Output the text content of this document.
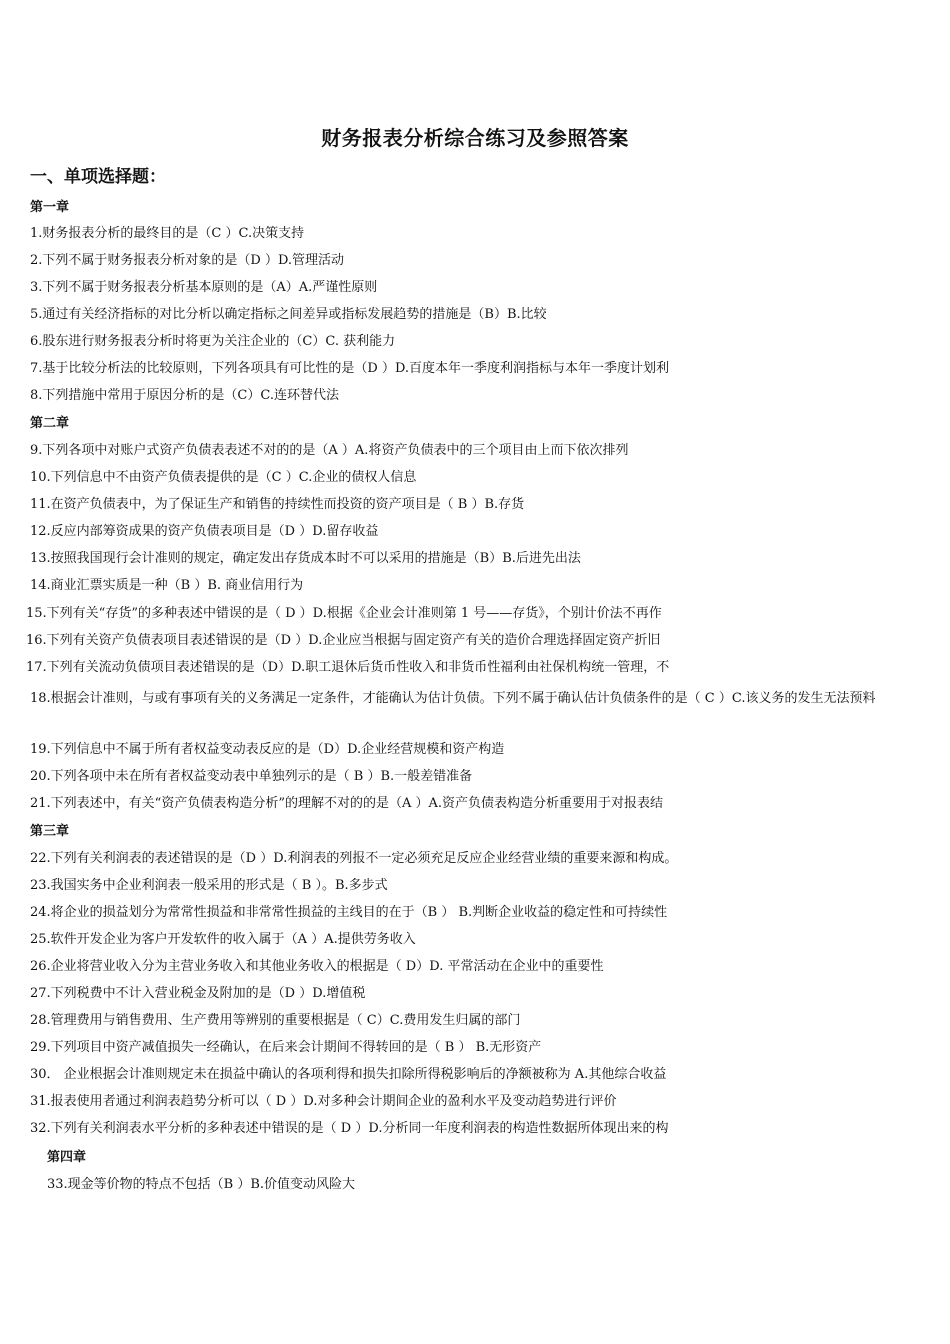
财务报表分析综合练习及参照答案
一、单项选择题：
第一章
1.财务报表分析的最终目的是（C ）C.决策支持
2.下列不属于财务报表分析对象的是（D ）D.管理活动
3.下列不属于财务报表分析基本原则的是（A）A.严谨性原则
5.通过有关经济指标的对比分析以确定指标之间差异或指标发展趋势的措施是（B）B.比较
6.股东进行财务报表分析时将更为关注企业的（C）C. 获利能力
7.基于比较分析法的比较原则，下列各项具有可比性的是（D ）D.百度本年一季度利润指标与本年一季度计划利
8.下列措施中常用于原因分析的是（C）C.连环替代法
第二章
9.下列各项中对账户式资产负债表表述不对的的是（A ）A.将资产负债表中的三个项目由上而下依次排列
10.下列信息中不由资产负债表提供的是（C ）C.企业的债权人信息
11.在资产负债表中，为了保证生产和销售的持续性而投资的资产项目是（ B ）B.存货
12.反应内部筹资成果的资产负债表项目是（D ）D.留存收益
13.按照我国现行会计准则的规定，确定发出存货成本时不可以采用的措施是（B）B.后进先出法
14.商业汇票实质是一种（B ）B. 商业信用行为
15.下列有关“存货”的多种表述中错误的是（ D ）D.根据《企业会计准则第 1 号——存货》，个别计价法不再作
16.下列有关资产负债表项目表述错误的是（D ）D.企业应当根据与固定资产有关的造价合理选择固定资产折旧
17.下列有关流动负债项目表述错误的是（D）D.职工退休后货币性收入和非货币性福利由社保机构统一管理，不
18.根据会计准则，与或有事项有关的义务满足一定条件，才能确认为估计负债。下列不属于确认估计负债条件的是（ C ）C.该义务的发生无法预料
19.下列信息中不属于所有者权益变动表反应的是（D）D.企业经营规模和资产构造
20.下列各项中未在所有者权益变动表中单独列示的是（ B ）B.一般差错准备
21.下列表述中，有关“资产负债表构造分析”的理解不对的的是（A ）A.资产负债表构造分析重要用于对报表结
第三章
22.下列有关利润表的表述错误的是（D ）D.利润表的列报不一定必须充足反应企业经营业绩的重要来源和构成。
23.我国实务中企业利润表一般采用的形式是（ B ）。B.多步式
24.将企业的损益划分为常常性损益和非常常性损益的主线目的在于（B ） B.判断企业收益的稳定性和可持续性
25.软件开发企业为客户开发软件的收入属于（A ）A.提供劳务收入
26.企业将营业收入分为主营业务收入和其他业务收入的根据是（ D）D. 平常活动在企业中的重要性
27.下列税费中不计入营业税金及附加的是（D ）D.增值税
28.管理费用与销售费用、生产费用等辨别的重要根据是（ C）C.费用发生归属的部门
29.下列项目中资产减值损失一经确认，在后来会计期间不得转回的是（ B ） B.无形资产
30． 企业根据会计准则规定未在损益中确认的各项利得和损失扣除所得税影响后的净额被称为 A.其他综合收益
31.报表使用者通过利润表趋势分析可以（ D ）D.对多种会计期间企业的盈利水平及变动趋势进行评价
32.下列有关利润表水平分析的多种表述中错误的是（ D ）D.分析同一年度利润表的构造性数据所体现出来的构
第四章
33.现金等价物的特点不包括（B ）B.价值变动风险大
